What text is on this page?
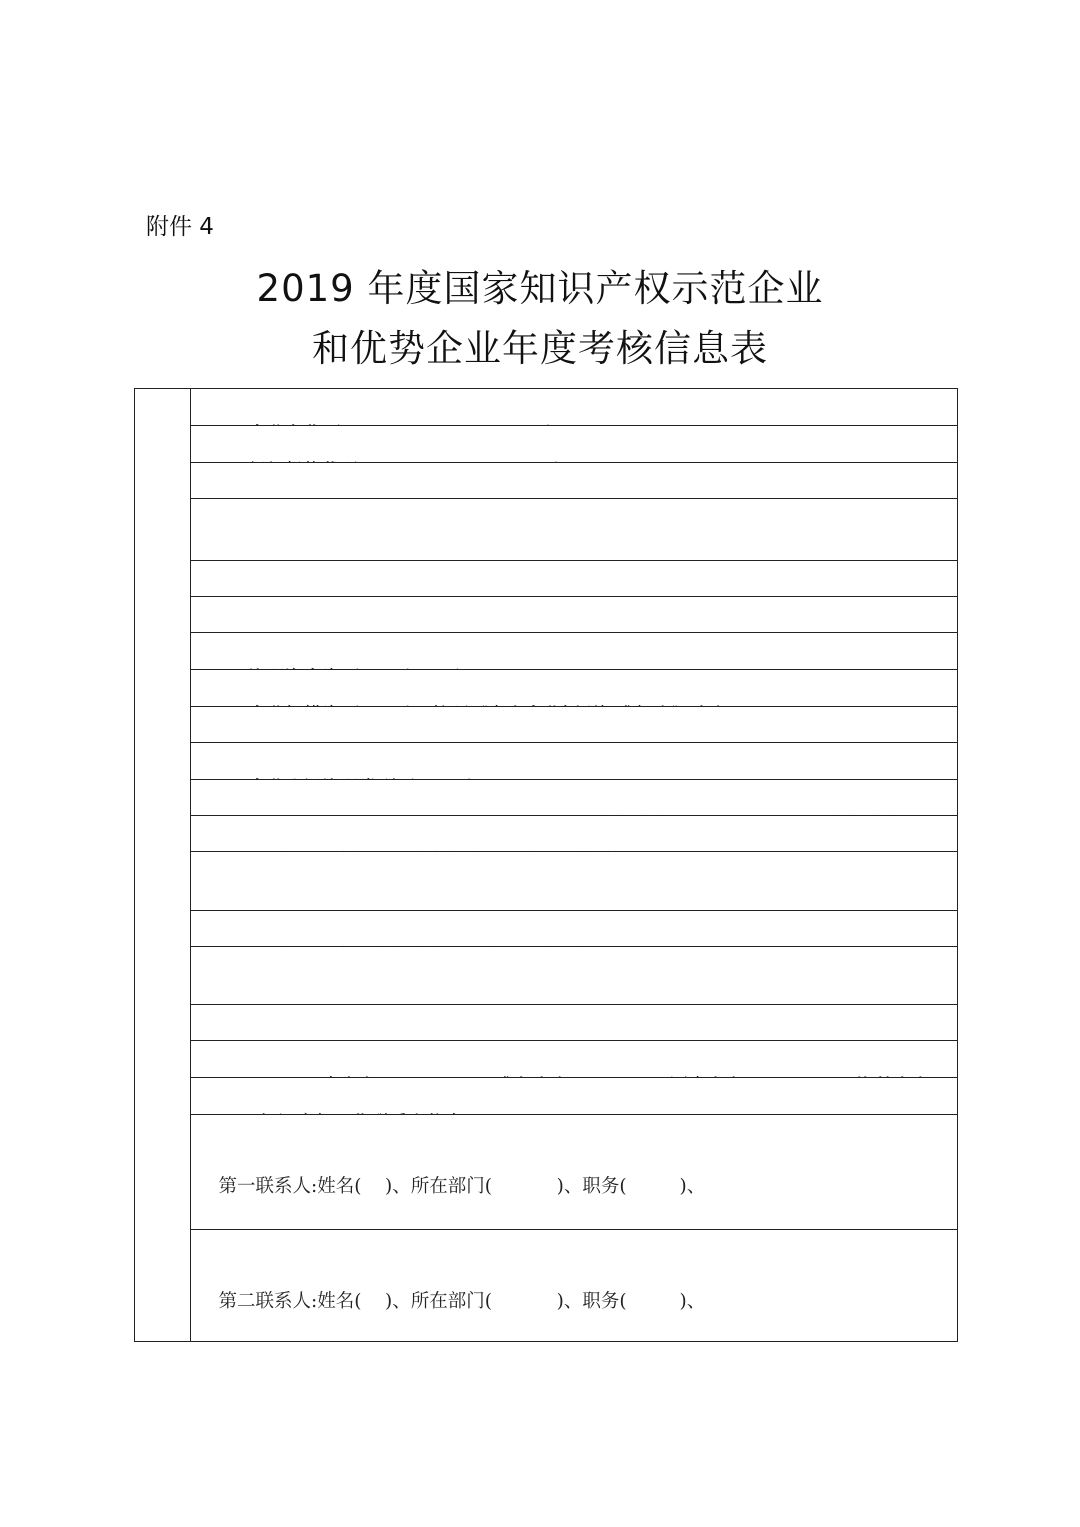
附件 4
2019 年度国家知识产权示范企业
和优势企业年度考核信息表

第一联系人:姓名(    )、所在部门(           )、职务(         )、

第二联系人:姓名(    )、所在部门(           )、职务(         )、
